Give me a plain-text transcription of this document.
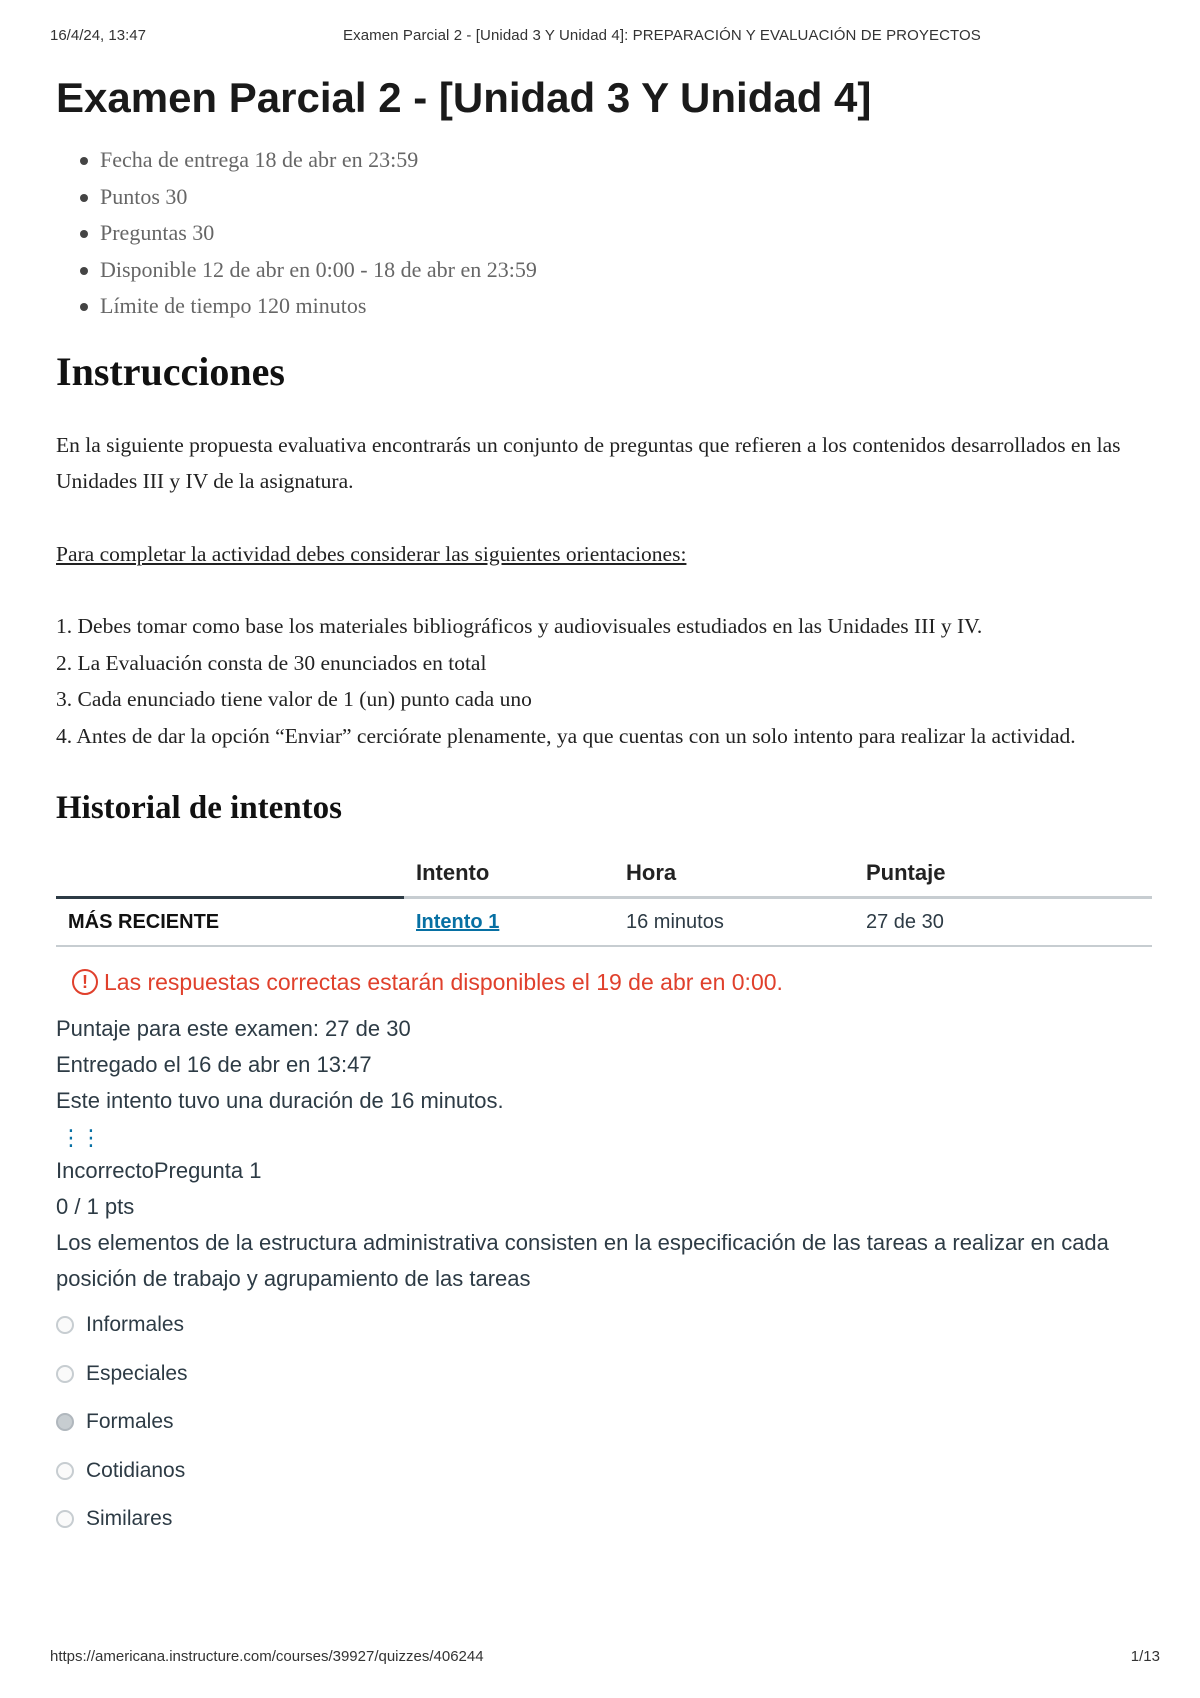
16/4/24, 13:47	Examen Parcial 2 - [Unidad 3 Y Unidad 4]: PREPARACIÓN Y EVALUACIÓN DE PROYECTOS
Examen Parcial 2 - [Unidad 3 Y Unidad 4]
Fecha de entrega 18 de abr en 23:59
Puntos 30
Preguntas 30
Disponible 12 de abr en 0:00 - 18 de abr en 23:59
Límite de tiempo 120 minutos
Instrucciones

En la siguiente propuesta evaluativa encontrarás un conjunto de preguntas que refieren a los contenidos desarrollados en las Unidades III y IV de la asignatura.

Para completar la actividad debes considerar las siguientes orientaciones:

1. Debes tomar como base los materiales bibliográficos y audiovisuales estudiados en las Unidades III y IV.

2. La Evaluación consta de 30 enunciados en total

3. Cada enunciado tiene valor de 1 (un) punto cada uno

4. Antes de dar la opción “Enviar” cerciórate plenamente, ya que cuentas con un solo intento para realizar la actividad.

Historial de intentos
	Intento	Hora	Puntaje
MÁS RECIENTE	Intento 1	16 minutos	27 de 30
! Las respuestas correctas estarán disponibles el 19 de abr en 0:00.
Puntaje para este examen: 27 de 30
Entregado el 16 de abr en 13:47
Este intento tuvo una duración de 16 minutos.
⋮⋮
IncorrectoPregunta 1
0 / 1 pts

Los elementos de la estructura administrativa consisten en la especificación de las tareas a realizar en cada posición de trabajo y agrupamiento de las tareas

Informales
Especiales
Formales
Cotidianos
Similares
https://americana.instructure.com/courses/39927/quizzes/406244	1/13
